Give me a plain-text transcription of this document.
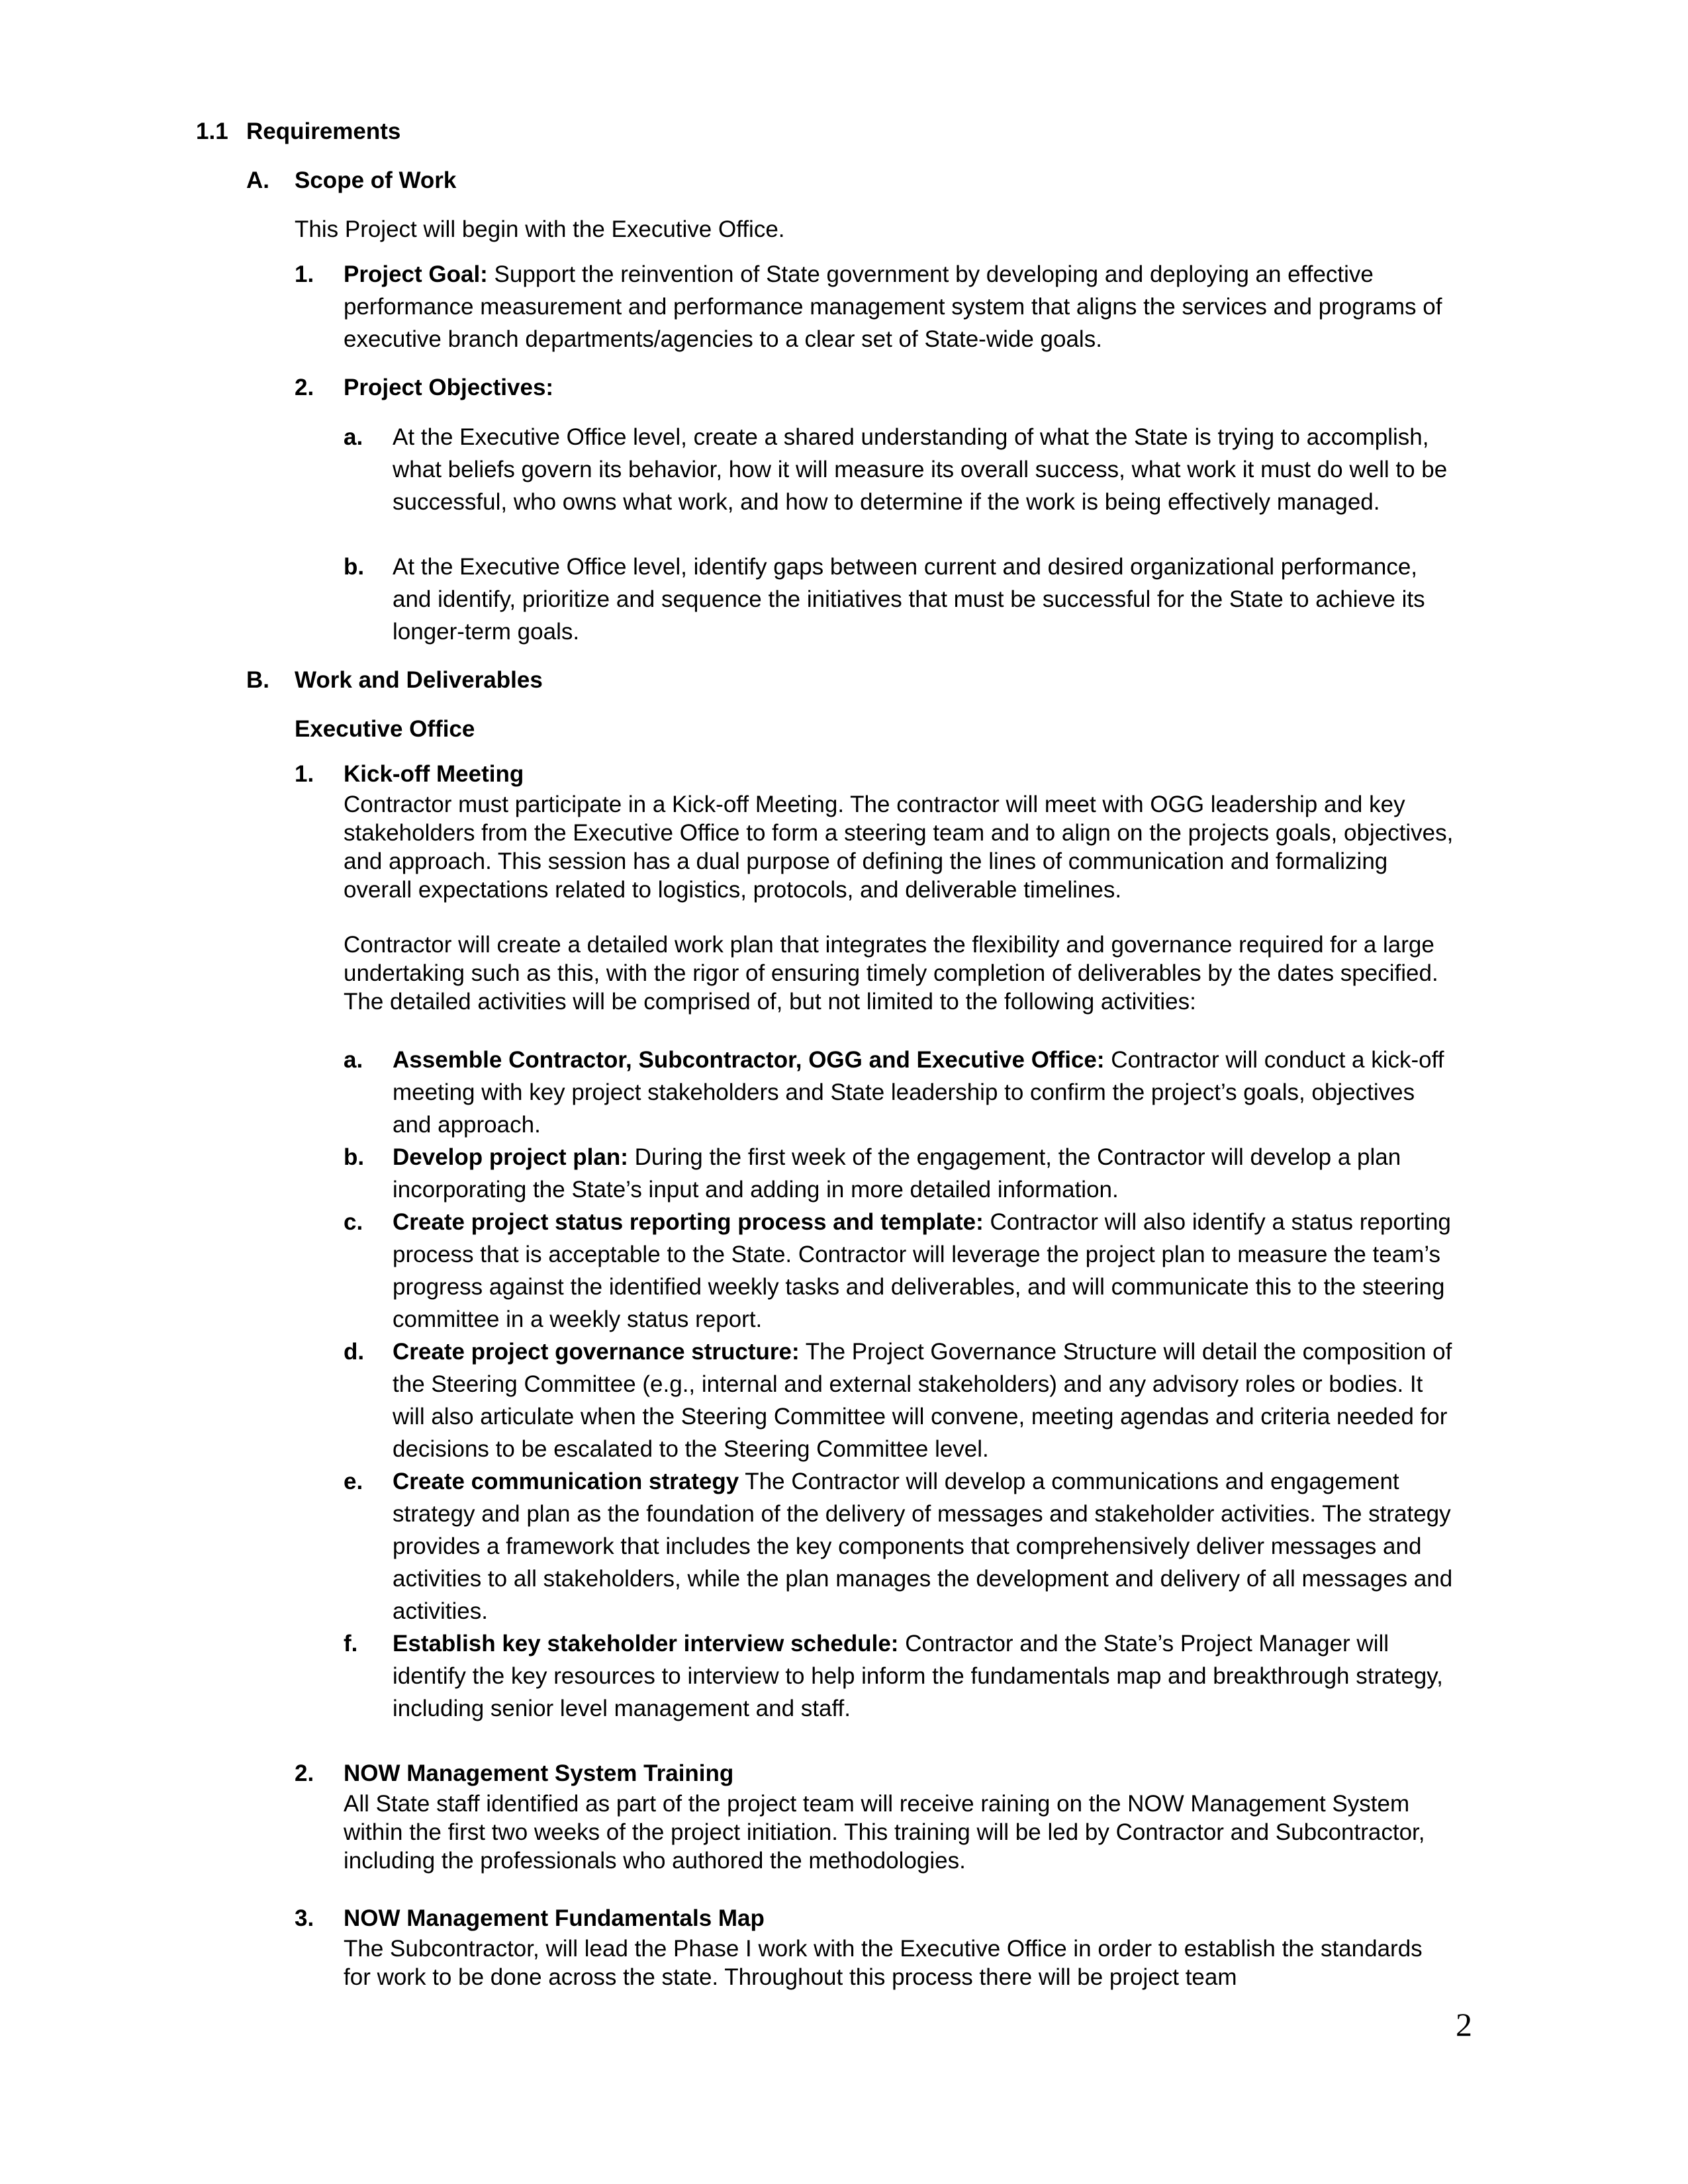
1.1 Requirements
A. Scope of Work
This Project will begin with the Executive Office.
1. Project Goal: Support the reinvention of State government by developing and deploying an effective performance measurement and performance management system that aligns the services and programs of executive branch departments/agencies to a clear set of State-wide goals.
2. Project Objectives:
a. At the Executive Office level, create a shared understanding of what the State is trying to accomplish, what beliefs govern its behavior, how it will measure its overall success, what work it must do well to be successful, who owns what work, and how to determine if the work is being effectively managed.
b. At the Executive Office level, identify gaps between current and desired organizational performance, and identify, prioritize and sequence the initiatives that must be successful for the State to achieve its longer-term goals.
B. Work and Deliverables
Executive Office
1. Kick-off Meeting
Contractor must participate in a Kick-off Meeting. The contractor will meet with OGG leadership and key stakeholders from the Executive Office to form a steering team and to align on the projects goals, objectives, and approach. This session has a dual purpose of defining the lines of communication and formalizing overall expectations related to logistics, protocols, and deliverable timelines.
Contractor will create a detailed work plan that integrates the flexibility and governance required for a large undertaking such as this, with the rigor of ensuring timely completion of deliverables by the dates specified. The detailed activities will be comprised of, but not limited to the following activities:
a. Assemble Contractor, Subcontractor, OGG and Executive Office: Contractor will conduct a kick-off meeting with key project stakeholders and State leadership to confirm the project’s goals, objectives and approach.
b. Develop project plan: During the first week of the engagement, the Contractor will develop a plan incorporating the State’s input and adding in more detailed information.
c. Create project status reporting process and template: Contractor will also identify a status reporting process that is acceptable to the State. Contractor will leverage the project plan to measure the team’s progress against the identified weekly tasks and deliverables, and will communicate this to the steering committee in a weekly status report.
d. Create project governance structure: The Project Governance Structure will detail the composition of the Steering Committee (e.g., internal and external stakeholders) and any advisory roles or bodies. It will also articulate when the Steering Committee will convene, meeting agendas and criteria needed for decisions to be escalated to the Steering Committee level.
e. Create communication strategy The Contractor will develop a communications and engagement strategy and plan as the foundation of the delivery of messages and stakeholder activities. The strategy provides a framework that includes the key components that comprehensively deliver messages and activities to all stakeholders, while the plan manages the development and delivery of all messages and activities.
f. Establish key stakeholder interview schedule: Contractor and the State’s Project Manager will identify the key resources to interview to help inform the fundamentals map and breakthrough strategy, including senior level management and staff.
2. NOW Management System Training
All State staff identified as part of the project team will receive raining on the NOW Management System within the first two weeks of the project initiation. This training will be led by Contractor and Subcontractor, including the professionals who authored the methodologies.
3. NOW Management Fundamentals Map
The Subcontractor, will lead the Phase I work with the Executive Office in order to establish the standards for work to be done across the state. Throughout this process there will be project team
2
